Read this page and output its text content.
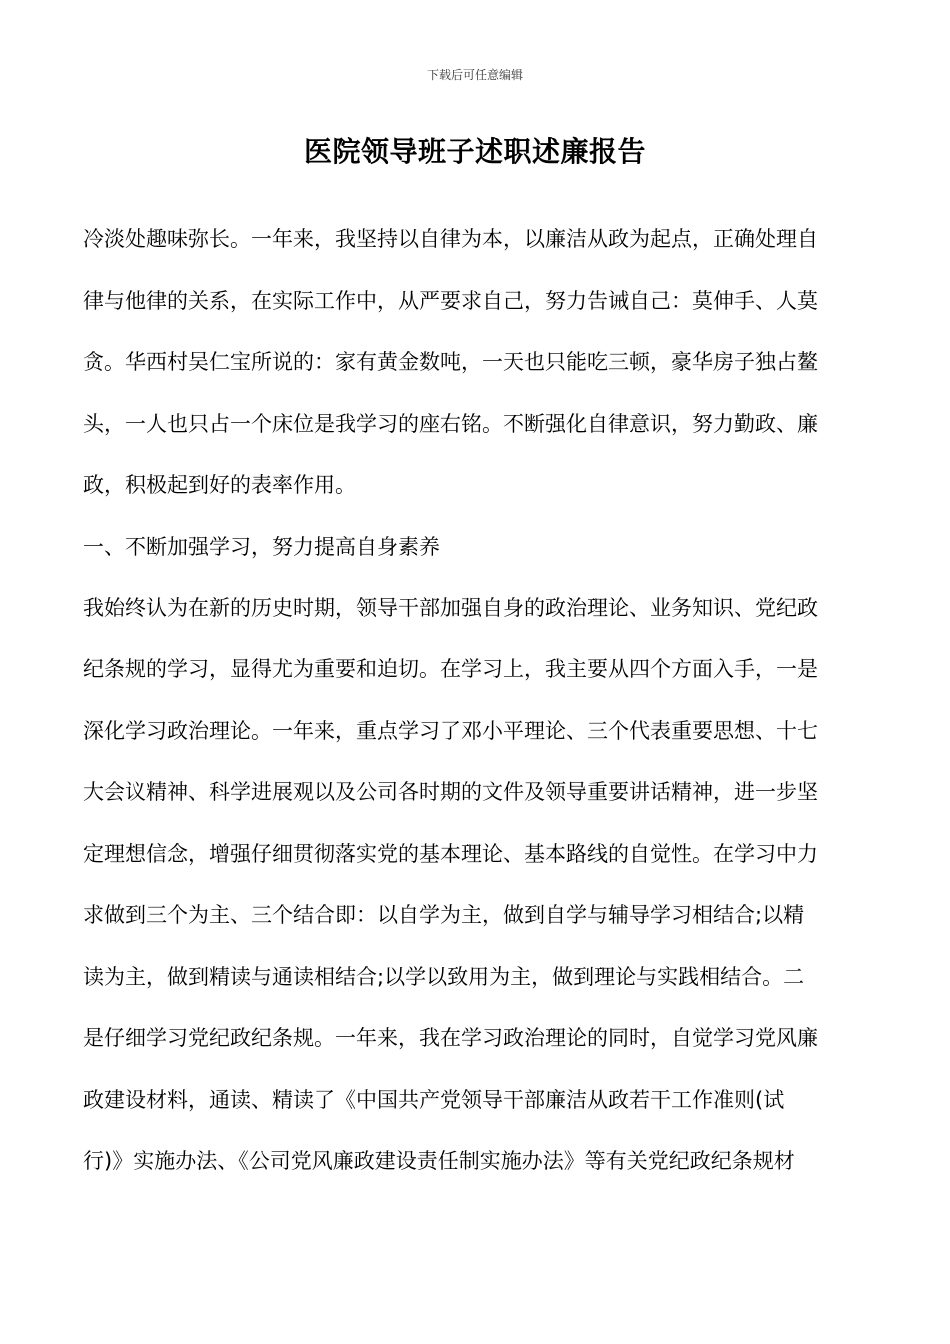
下载后可任意编辑
医院领导班子述职述廉报告
冷淡处趣味弥长。一年来，我坚持以自律为本，以廉洁从政为起点，正确处理自
律与他律的关系，在实际工作中，从严要求自己，努力告诫自己：莫伸手、人莫
贪。华西村吴仁宝所说的：家有黄金数吨，一天也只能吃三顿，豪华房子独占鳌
头，一人也只占一个床位是我学习的座右铭。不断强化自律意识，努力勤政、廉
政，积极起到好的表率作用。
一、不断加强学习，努力提高自身素养
我始终认为在新的历史时期，领导干部加强自身的政治理论、业务知识、党纪政
纪条规的学习，显得尤为重要和迫切。在学习上，我主要从四个方面入手，一是
深化学习政治理论。一年来，重点学习了邓小平理论、三个代表重要思想、十七
大会议精神、科学进展观以及公司各时期的文件及领导重要讲话精神，进一步坚
定理想信念，增强仔细贯彻落实党的基本理论、基本路线的自觉性。在学习中力
求做到三个为主、三个结合即：以自学为主，做到自学与辅导学习相结合;以精
读为主，做到精读与通读相结合;以学以致用为主，做到理论与实践相结合。二
是仔细学习党纪政纪条规。一年来，我在学习政治理论的同时，自觉学习党风廉
政建设材料，通读、精读了《中国共产党领导干部廉洁从政若干工作准则(试
行)》实施办法、《公司党风廉政建设责任制实施办法》等有关党纪政纪条规材
